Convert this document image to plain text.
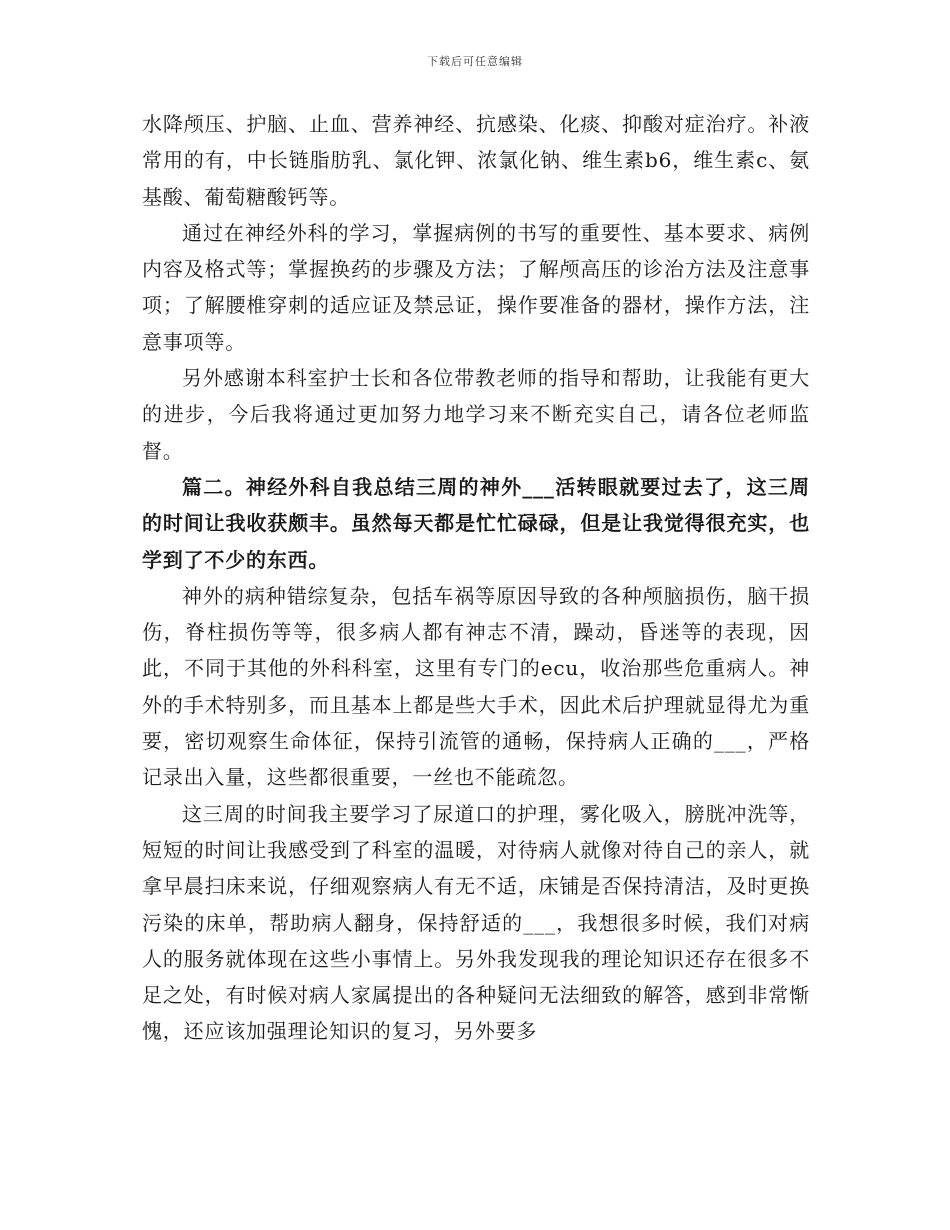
下载后可任意编辑

水降颅压、护脑、止血、营养神经、抗感染、化痰、抑酸对症治疗。补液常用的有，中长链脂肪乳、氯化钾、浓氯化钠、维生素b6，维生素c、氨基酸、葡萄糖酸钙等。

通过在神经外科的学习，掌握病例的书写的重要性、基本要求、病例内容及格式等；掌握换药的步骤及方法；了解颅高压的诊治方法及注意事项；了解腰椎穿刺的适应证及禁忌证，操作要准备的器材，操作方法，注意事项等。

另外感谢本科室护士长和各位带教老师的指导和帮助，让我能有更大的进步，今后我将通过更加努力地学习来不断充实自己，请各位老师监督。

篇二。神经外科自我总结三周的神外___活转眼就要过去了，这三周的时间让我收获颇丰。虽然每天都是忙忙碌碌，但是让我觉得很充实，也学到了不少的东西。

神外的病种错综复杂，包括车祸等原因导致的各种颅脑损伤，脑干损伤，脊柱损伤等等，很多病人都有神志不清，躁动，昏迷等的表现，因此，不同于其他的外科科室，这里有专门的ecu，收治那些危重病人。神外的手术特别多，而且基本上都是些大手术，因此术后护理就显得尤为重要，密切观察生命体征，保持引流管的通畅，保持病人正确的___，严格记录出入量，这些都很重要，一丝也不能疏忽。

这三周的时间我主要学习了尿道口的护理，雾化吸入，膀胱冲洗等，短短的时间让我感受到了科室的温暖，对待病人就像对待自己的亲人，就拿早晨扫床来说，仔细观察病人有无不适，床铺是否保持清洁，及时更换污染的床单，帮助病人翻身，保持舒适的___，我想很多时候，我们对病人的服务就体现在这些小事情上。另外我发现我的理论知识还存在很多不足之处，有时候对病人家属提出的各种疑问无法细致的解答，感到非常惭愧，还应该加强理论知识的复习，另外要多
